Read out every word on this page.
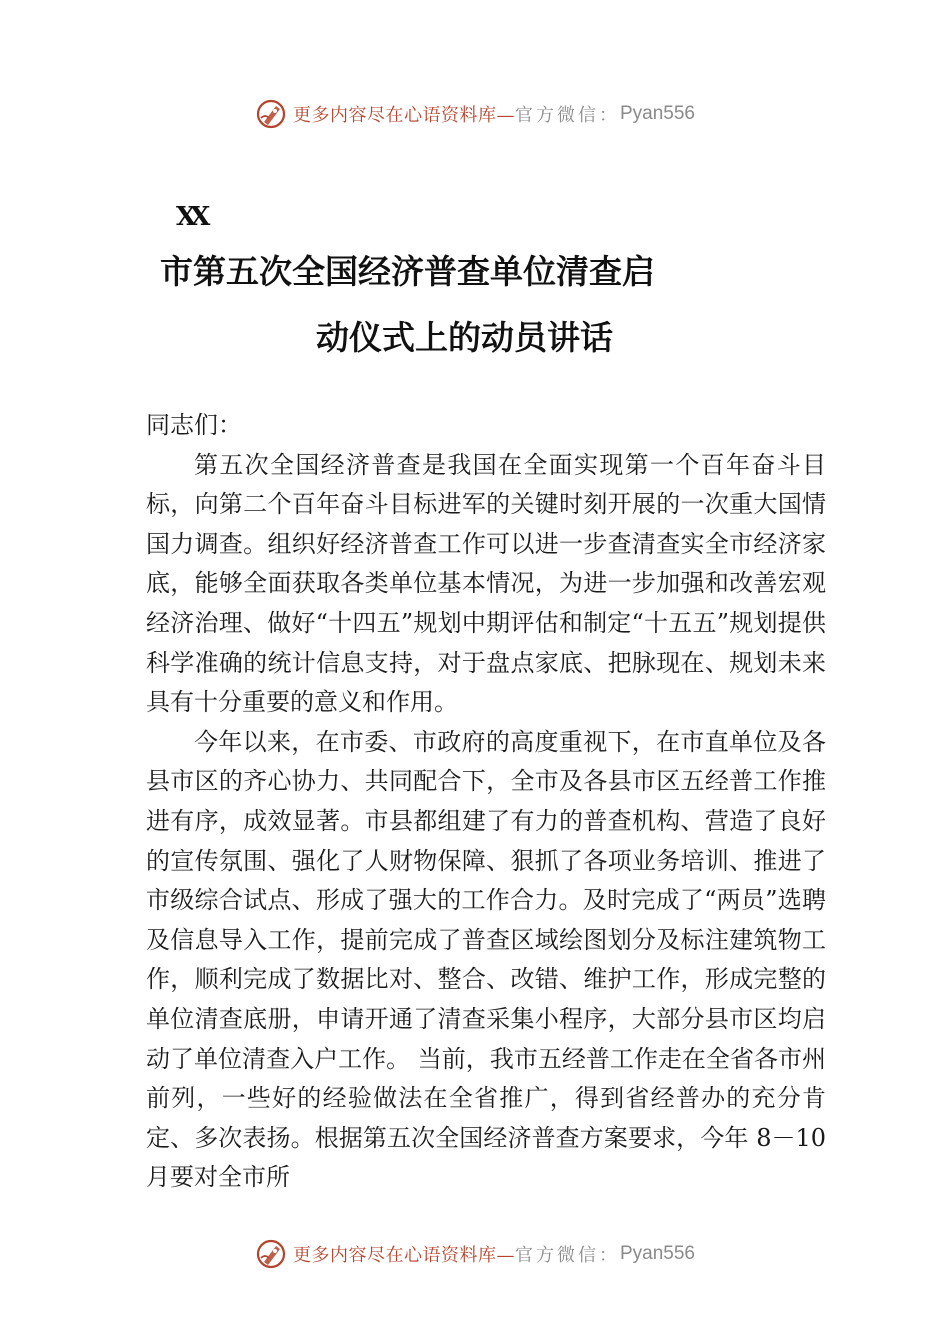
更多内容尽在心语资料库— 官方微信： Pyan556
XX
市第五次全国经济普查单位清查启
动仪式上的动员讲话

同志们：

第五次全国经济普查是我国在全面实现第一个百年奋斗目标，向第二个百年奋斗目标进军的关键时刻开展的一次重大国情国力调查。组织好经济普查工作可以进一步查清查实全市经济家底，能够全面获取各类单位基本情况，为进一步加强和改善宏观经济治理、做好“十四五”规划中期评估和制定“十五五”规划提供科学准确的统计信息支持，对于盘点家底、把脉现在、规划未来具有十分重要的意义和作用。

今年以来，在市委、市政府的高度重视下，在市直单位及各县市区的齐心协力、共同配合下，全市及各县市区五经普工作推进有序，成效显著。市县都组建了有力的普查机构、营造了良好的宣传氛围、强化了人财物保障、狠抓了各项业务培训、推进了市级综合试点、形成了强大的工作合力。及时完成了“两员”选聘及信息导入工作，提前完成了普查区域绘图划分及标注建筑物工作，顺利完成了数据比对、整合、改错、维护工作，形成完整的单位清查底册，申请开通了清查采集小程序，大部分县市区均启动了单位清查入户工作。 当前，我市五经普工作走在全省各市州前列，一些好的经验做法在全省推广，得到省经普办的充分肯定、多次表扬。根据第五次全国经济普查方案要求，今年 8－10 月要对全市所

更多内容尽在心语资料库— 官方微信： Pyan556
